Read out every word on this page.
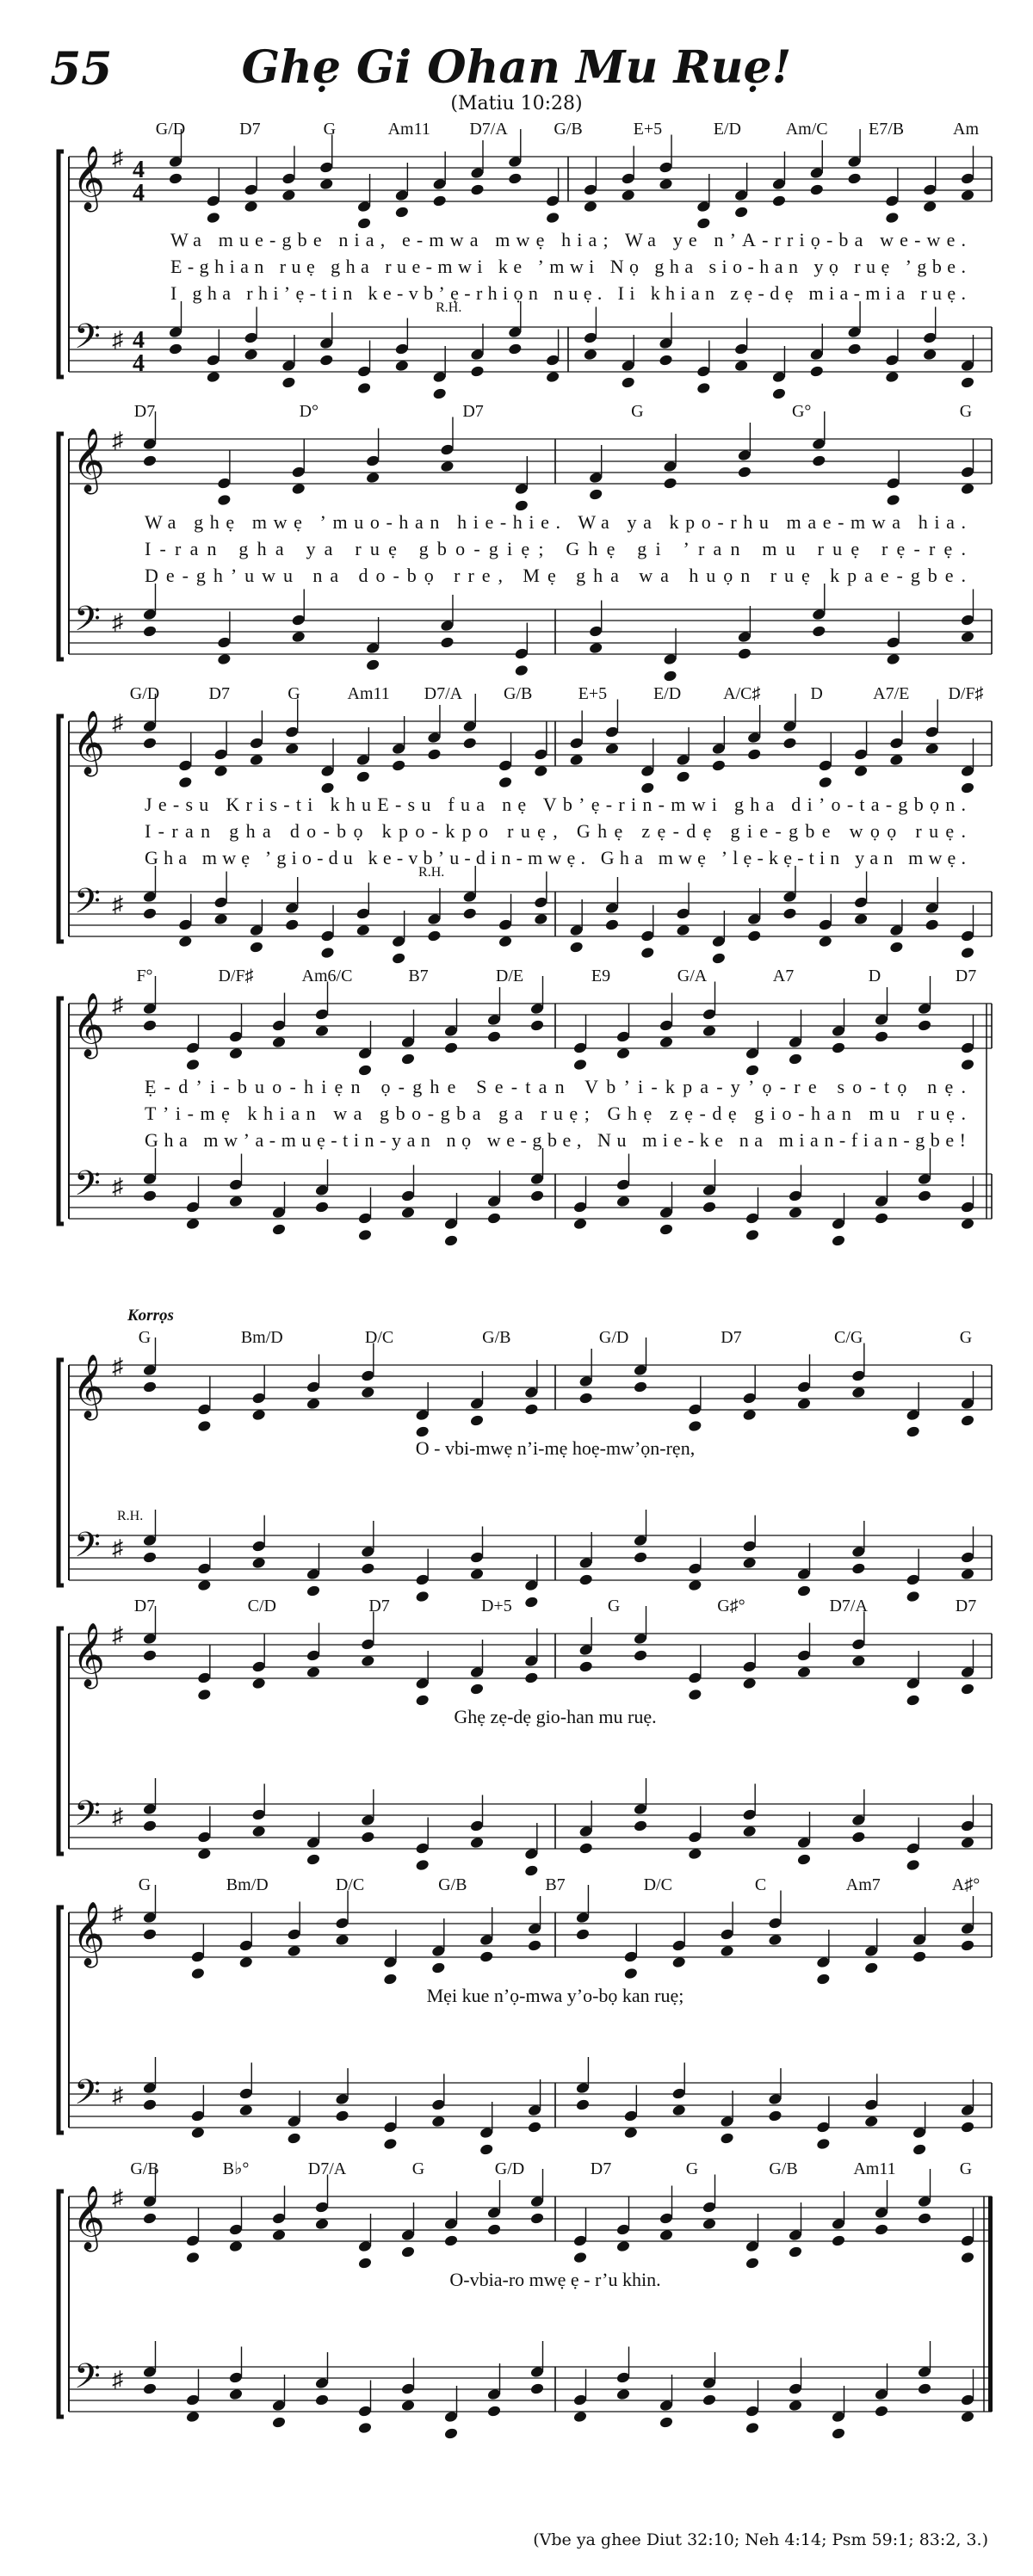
55	Ghẹ Gi Ohan Mu Ruẹ!
(Matiu 10:28)
𝄞
𝄢
♯
♯
4
4
4
4
G/D	D7	G	Am11 D7/A	G/B	E+5	E/D	Am/C E7/B	Am
R.H.
Wa mue-gbe nia, e-mwa mwẹ hia; Wa ye n’A-rriọ-ba we-we.
E-ghian ruẹ gha rue-mwi ke ’mwi Nọ gha sio-han yọ ruẹ ’gbe.
I gha rhi’ẹ-tin ke-vb’ẹ-rhiọn nuẹ. Ii khian zẹ-dẹ mia-mia ruẹ.
𝄞
𝄢
♯
♯
D7	D°	D7	G	G°	G
Wa ghẹ mwẹ ’muo-han hie-hie. Wa ya kpo-rhu mae-mwa hia.
I-ran gha ya ruẹ gbo-giẹ; Ghẹ gi ’ran mu ruẹ rẹ-rẹ.
De-gh’uwu na do-bọ rre, Mẹ gha wa huọn ruẹ kpae-gbe.
𝄞
𝄢
♯
♯
G/D	D7	G	Am11 D7/A G/B	E+5	E/D A/C♯	D	A7/E D/F♯
R.H.
Je-su Kris-ti khuE-su fua nẹ Vb’ẹ-rin-mwi gha di’o-ta-gbọn.
I-ran gha do-bọ kpo-kpo ruẹ, Ghẹ zẹ-dẹ gie-gbe wọọ ruẹ.
Gha mwẹ ’gio-du ke-vb’u-din-mwẹ. Gha mwẹ ’lẹ-kẹ-tin yan mwẹ.
𝄞
𝄢
♯
♯
F°	D/F♯	Am6/C	B7	D/E	E9	G/A	A7	D	D7
Ẹ-d’i-buo-hiẹn ọ-ghe Se-tan Vb’i-kpa-y’ọ-re so-tọ nẹ.
T’i-mẹ khian wa gbo-gba ga ruẹ; Ghẹ zẹ-dẹ gio-han mu ruẹ.
Gha mw’a-muẹ-tin-yan nọ we-gbe, Nu mie-ke na mian-fian-gbe!
𝄞
𝄢
♯
♯
G	Bm/D	D/C	G/B	G/D	D7	C/G	G
Korrọs
R.H.
O - vbi-mwẹ n’i-mẹ hoẹ-mw’ọn-rẹn,
𝄞
𝄢
♯
♯
D7	C/D	D7	D+5	G	G♯°	D7/A	D7
Ghẹ zẹ-dẹ gio-han mu ruẹ.
𝄞
𝄢
♯
♯
G	Bm/D	D/C	G/B	B7	D/C	C	Am7	A♯°
Mẹi kue n’ọ-mwa y’o-bọ kan ruẹ;
𝄞
𝄢
♯
♯
G/B	B♭°	D7/A	G	G/D	D7	G	G/B	Am11	G
O-vbia-ro mwẹ ẹ - r’u khin.
(Vbe ya ghee Diut 32:10; Neh 4:14; Psm 59:1; 83:2, 3.)
